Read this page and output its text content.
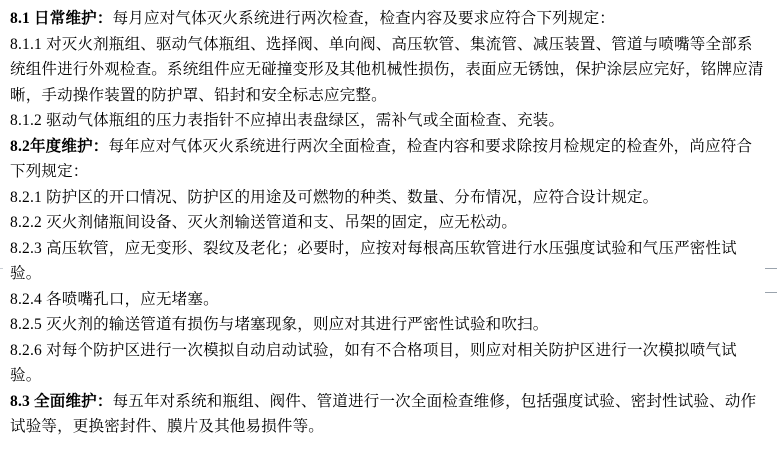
8.1 日常维护：每月应对气体灭火系统进行两次检查，检查内容及要求应符合下列规定：

8.1.1 对灭火剂瓶组、驱动气体瓶组、选择阀、单向阀、高压软管、集流管、减压装置、管道与喷嘴等全部系统组件进行外观检查。系统组件应无碰撞变形及其他机械性损伤，表面应无锈蚀，保护涂层应完好，铭牌应清晰，手动操作装置的防护罩、铅封和安全标志应完整。

8.1.2 驱动气体瓶组的压力表指针不应掉出表盘绿区，需补气或全面检查、充装。

8.2年度维护：每年应对气体灭火系统进行两次全面检查，检查内容和要求除按月检规定的检查外，尚应符合下列规定：

8.2.1 防护区的开口情况、防护区的用途及可燃物的种类、数量、分布情况，应符合设计规定。

8.2.2 灭火剂储瓶间设备、灭火剂输送管道和支、吊架的固定，应无松动。

8.2.3 高压软管，应无变形、裂纹及老化；必要时，应按对每根高压软管进行水压强度试验和气压严密性试验。

8.2.4 各喷嘴孔口，应无堵塞。

8.2.5 灭火剂的输送管道有损伤与堵塞现象，则应对其进行严密性试验和吹扫。

8.2.6 对每个防护区进行一次模拟自动启动试验，如有不合格项目，则应对相关防护区进行一次模拟喷气试验。

8.3 全面维护：每五年对系统和瓶组、阀件、管道进行一次全面检查维修，包括强度试验、密封性试验、动作试验等，更换密封件、膜片及其他易损件等。
